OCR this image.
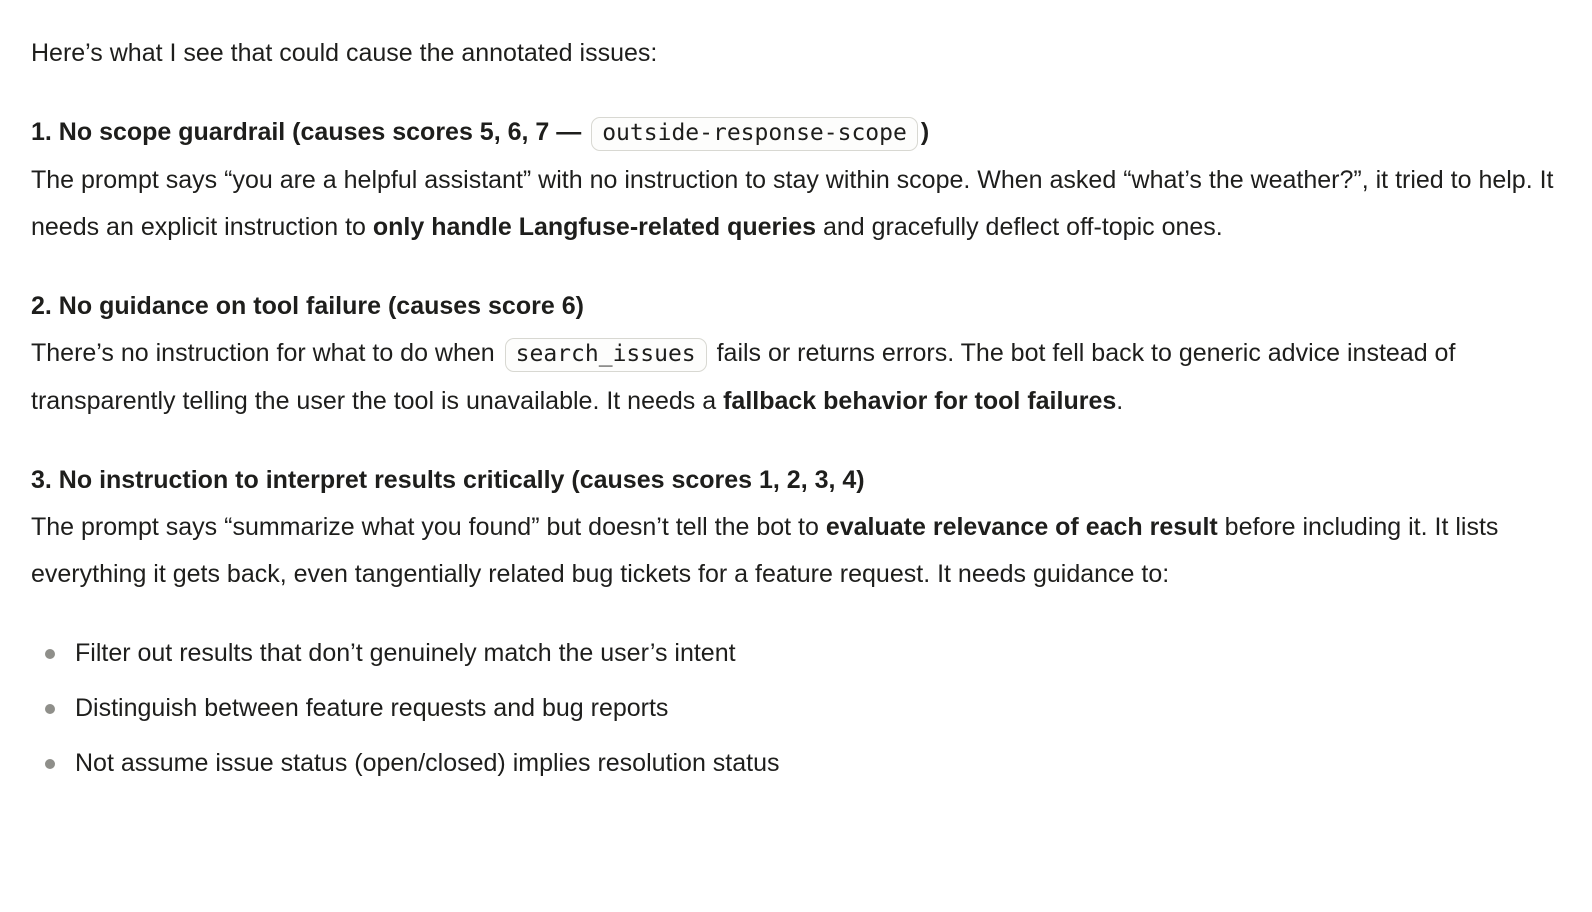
Here’s what I see that could cause the annotated issues:

1. No scope guardrail (causes scores 5, 6, 7 — outside-response-scope )
The prompt says “you are a helpful assistant” with no instruction to stay within scope. When asked “what’s the weather?”, it tried to help. It needs an explicit instruction to only handle Langfuse-related queries and gracefully deflect off-topic ones.

2. No guidance on tool failure (causes score 6)
There’s no instruction for what to do when search_issues fails or returns errors. The bot fell back to generic advice instead of transparently telling the user the tool is unavailable. It needs a fallback behavior for tool failures.

3. No instruction to interpret results critically (causes scores 1, 2, 3, 4)
The prompt says “summarize what you found” but doesn’t tell the bot to evaluate relevance of each result before including it. It lists everything it gets back, even tangentially related bug tickets for a feature request. It needs guidance to:

Filter out results that don’t genuinely match the user’s intent
Distinguish between feature requests and bug reports
Not assume issue status (open/closed) implies resolution status
